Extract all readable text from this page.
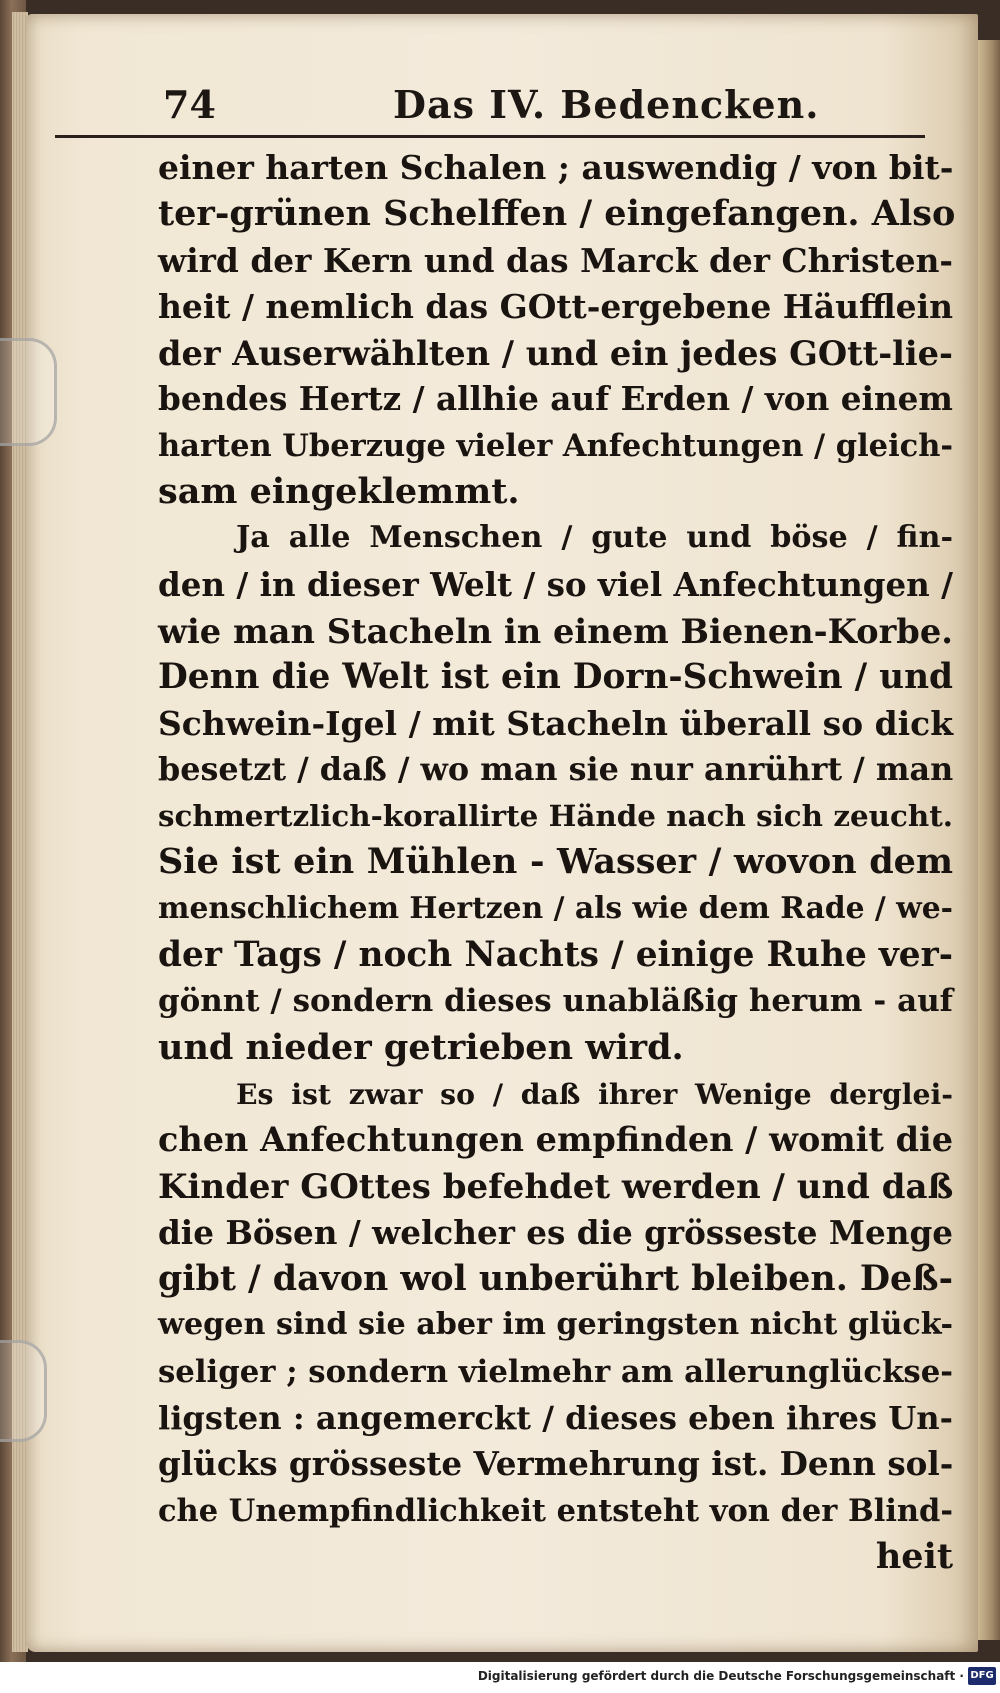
74	Das IV. Bedencken.
einer harten Schalen ; auswendig / von bit-
ter-grünen Schelffen / eingefangen. Also
wird der Kern und das Marck der Christen-
heit / nemlich das GOtt-ergebene Häufflein
der Auserwählten / und ein jedes GOtt-lie-
bendes Hertz / allhie auf Erden / von einem
harten Uberzuge vieler Anfechtungen / gleich-
sam eingeklemmt.
Ja alle Menschen / gute und böse / fin-
den / in dieser Welt / so viel Anfechtungen /
wie man Stacheln in einem Bienen-Korbe.
Denn die Welt ist ein Dorn-Schwein / und
Schwein-Igel / mit Stacheln überall so dick
besetzt / daß / wo man sie nur anrührt / man
schmertzlich-korallirte Hände nach sich zeucht.
Sie ist ein Mühlen - Wasser / wovon dem
menschlichem Hertzen / als wie dem Rade / we-
der Tags / noch Nachts / einige Ruhe ver-
gönnt / sondern dieses unabläßig herum - auf
und nieder getrieben wird.
Es ist zwar so / daß ihrer Wenige derglei-
chen Anfechtungen empfinden / womit die
Kinder GOttes befehdet werden / und daß
die Bösen / welcher es die grösseste Menge
gibt / davon wol unberührt bleiben. Deß-
wegen sind sie aber im geringsten nicht glück-
seliger ; sondern vielmehr am allerunglückse-
ligsten : angemerckt / dieses eben ihres Un-
glücks grösseste Vermehrung ist. Denn sol-
che Unempfindlichkeit entsteht von der Blind-
heit
Digitalisierung gefördert durch die Deutsche Forschungsgemeinschaft · DFG
